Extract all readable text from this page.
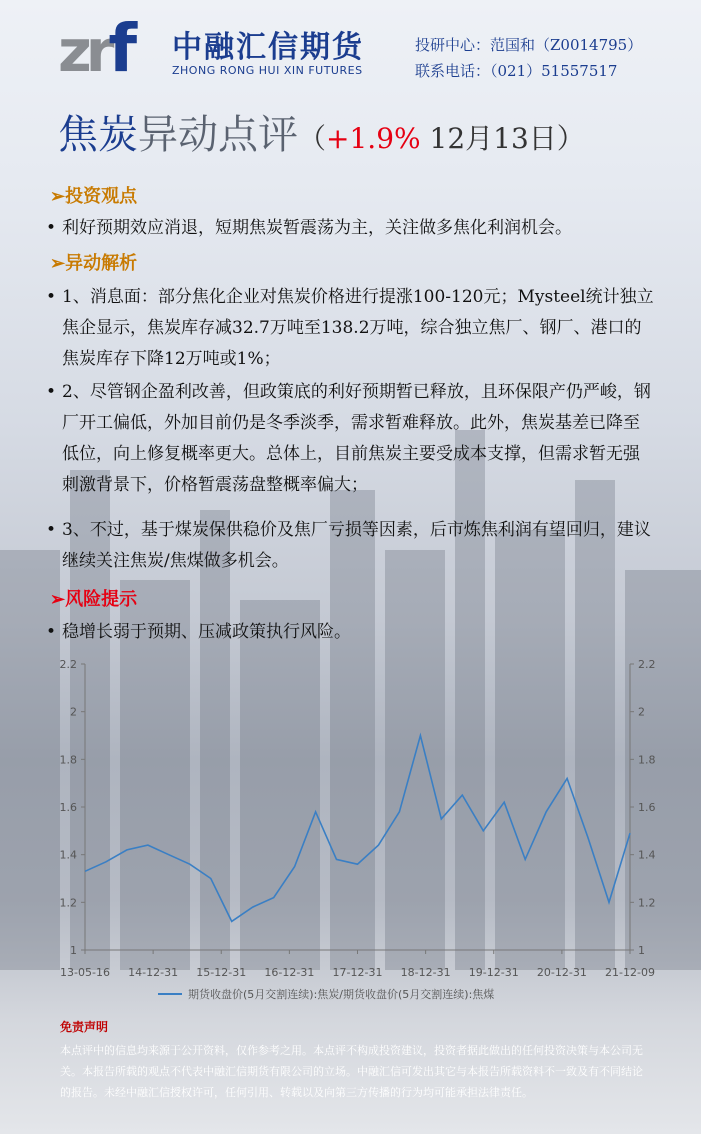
zrf	中融汇信期货
ZHONG RONG HUI XIN FUTURES
投研中心：范国和（Z0014795）
联系电话：（021）51557517
焦炭异动点评（+1.9% 12月13日）
➢投资观点
• 利好预期效应消退，短期焦炭暂震荡为主，关注做多焦化利润机会。
➢异动解析
• 1、消息面：部分焦化企业对焦炭价格进行提涨100-120元；Mysteel统计独立焦企显示，焦炭库存减32.7万吨至138.2万吨，综合独立焦厂、钢厂、港口的焦炭库存下降12万吨或1%；
• 2、尽管钢企盈利改善，但政策底的利好预期暂已释放，且环保限产仍严峻，钢厂开工偏低，外加目前仍是冬季淡季，需求暂难释放。此外，焦炭基差已降至低位，向上修复概率更大。总体上，目前焦炭主要受成本支撑，但需求暂无强刺激背景下，价格暂震荡盘整概率偏大；
• 3、不过，基于煤炭保供稳价及焦厂亏损等因素，后市炼焦利润有望回归，建议继续关注焦炭/焦煤做多机会。
➢风险提示
• 稳增长弱于预期、压减政策执行风险。
1	1
1.2	1.2
1.4	1.4
1.6	1.6
1.8	1.8
2	2
2.2	2.2
13-05-16 14-12-31 15-12-31 16-12-31 17-12-31 18-12-31 19-12-31 20-12-31 21-12-09
期货收盘价(5月交割连续):焦炭/期货收盘价(5月交割连续):焦煤
免责声明
本点评中的信息均来源于公开资料，仅作参考之用。本点评不构成投资建议，投资者据此做出的任何投资决策与本公司无关。本报告所载的观点不代表中融汇信期货有限公司的立场。中融汇信可发出其它与本报告所载资料不一致及有不同结论的报告。未经中融汇信授权许可，任何引用、转载以及向第三方传播的行为均可能承担法律责任。
